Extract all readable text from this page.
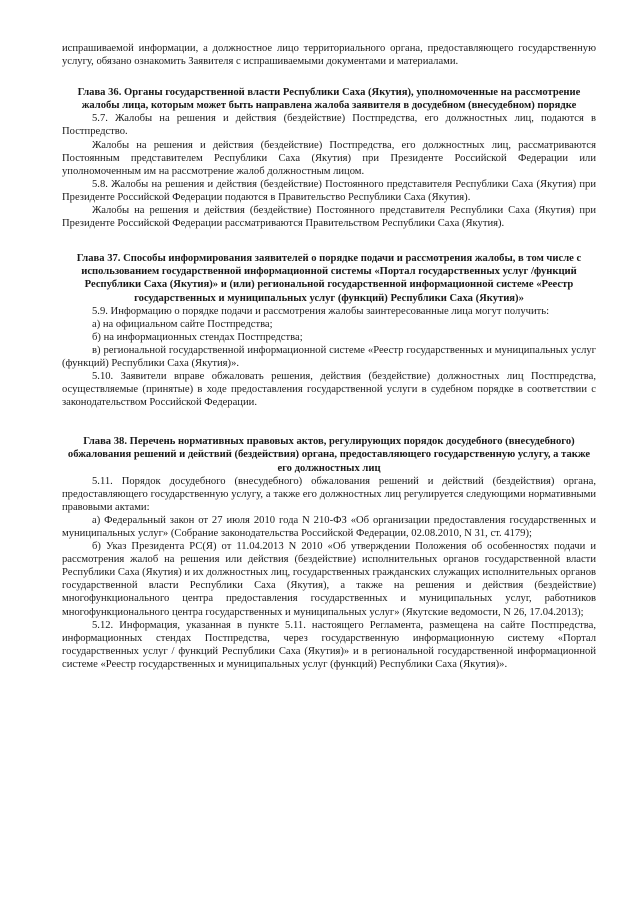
испрашиваемой информации, а должностное лицо территориального органа, предоставляющего государственную услугу, обязано ознакомить Заявителя с испрашиваемыми документами и материалами.

Глава 36. Органы государственной власти Республики Саха (Якутия), уполномоченные на рассмотрение жалобы лица, которым может быть направлена жалоба заявителя в досудебном (внесудебном) порядке

5.7. Жалобы на решения и действия (бездействие) Постпредства, его должностных лиц, подаются в Постпредство.

Жалобы на решения и действия (бездействие) Постпредства, его должностных лиц, рассматриваются Постоянным представителем Республики Саха (Якутия) при Президенте Российской Федерации или уполномоченным им на рассмотрение жалоб должностным лицом.

5.8. Жалобы на решения и действия (бездействие) Постоянного представителя Республики Саха (Якутия) при Президенте Российской Федерации подаются в Правительство Республики Саха (Якутия).

Жалобы на решения и действия (бездействие) Постоянного представителя Республики Саха (Якутия) при Президенте Российской Федерации рассматриваются Правительством Республики Саха (Якутия).

Глава 37. Способы информирования заявителей о порядке подачи и рассмотрения жалобы, в том числе с использованием государственной информационной системы «Портал государственных услуг /функций Республики Саха (Якутия)» и (или) региональной государственной информационной системе «Реестр государственных и муниципальных услуг (функций) Республики Саха (Якутия)»

5.9. Информацию о порядке подачи и рассмотрения жалобы заинтересованные лица могут получить:

а) на официальном сайте Постпредства;

б) на информационных стендах Постпредства;

в) региональной государственной информационной системе «Реестр государственных и муниципальных услуг (функций) Республики Саха (Якутия)».

5.10. Заявители вправе обжаловать решения, действия (бездействие) должностных лиц Постпредства, осуществляемые (принятые) в ходе предоставления государственной услуги в судебном порядке в соответствии с законодательством Российской Федерации.

Глава 38. Перечень нормативных правовых актов, регулирующих порядок досудебного (внесудебного) обжалования решений и действий (бездействия) органа, предоставляющего государственную услугу, а также его должностных лиц

5.11. Порядок досудебного (внесудебного) обжалования решений и действий (бездействия) органа, предоставляющего государственную услугу, а также его должностных лиц регулируется следующими нормативными правовыми актами:

а) Федеральный закон от 27 июля 2010 года N 210-ФЗ «Об организации предоставления государственных и муниципальных услуг» (Собрание законодательства Российской Федерации, 02.08.2010, N 31, ст. 4179);

б) Указ Президента РС(Я) от 11.04.2013 N 2010 «Об утверждении Положения об особенностях подачи и рассмотрения жалоб на решения или действия (бездействие) исполнительных органов государственной власти Республики Саха (Якутия) и их должностных лиц, государственных гражданских служащих исполнительных органов государственной власти Республики Саха (Якутия), а также на решения и действия (бездействие) многофункционального центра предоставления государственных и муниципальных услуг, работников многофункционального центра государственных и муниципальных услуг» (Якутские ведомости, N 26, 17.04.2013);

5.12. Информация, указанная в пункте 5.11. настоящего Регламента, размещена на сайте Постпредства, информационных стендах Постпредства, через государственную информационную систему «Портал государственных услуг / функций Республики Саха (Якутия)» и в региональной государственной информационной системе «Реестр государственных и муниципальных услуг (функций) Республики Саха (Якутия)».
